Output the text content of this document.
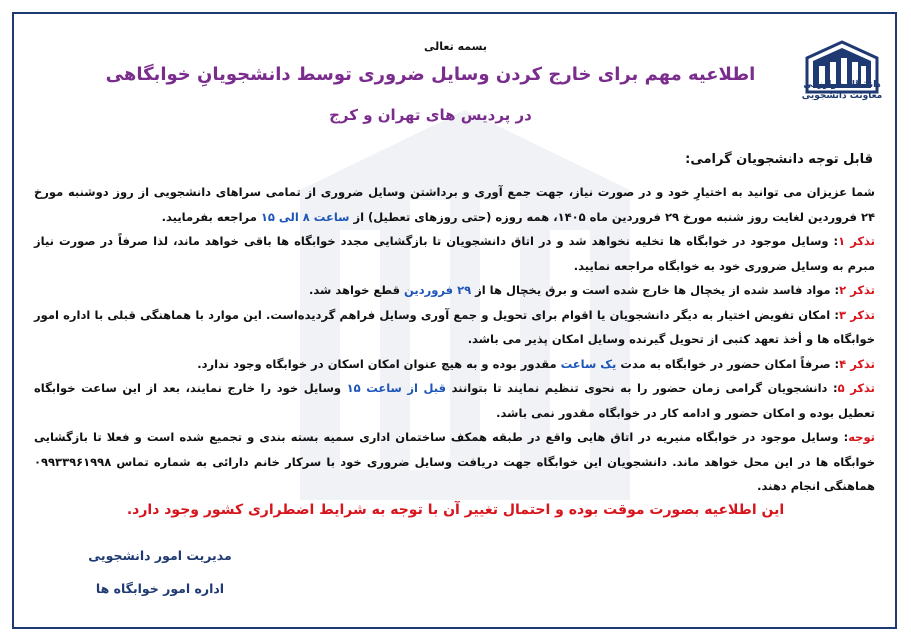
دانشگاه خوارزمی
معاونت دانشجویی
بسمه تعالی
اطلاعیه مهم برای خارج کردن وسایل ضروری توسط دانشجویانِ خوابگاهی
در پردیس های تهران و کرج
قابل توجه دانشجویان گرامی:

شما عزیزان می توانید به اختیارِ خود و در صورت نیاز، جهت جمع آوری و برداشتن وسایل ضروری از تمامی سراهای دانشجویی از روز دوشنبه مورخ ۲۴ فروردین لغایت روز شنبه مورخ ۲۹ فروردین ماه ۱۴۰۵، همه روزه (حتی روزهای تعطیل) از ساعت ۸ الی ۱۵ مراجعه بفرمایید.

تذکر ۱: وسایل موجود در خوابگاه ها تخلیه نخواهد شد و در اتاق دانشجویان تا بازگشایی مجدد خوابگاه ها باقی خواهد ماند، لذا صرفاً در صورت نیاز مبرم به وسایل ضروری خود به خوابگاه مراجعه نمایید.

تذکر ۲: مواد فاسد شده از یخچال ها خارج شده است و برق یخچال ها از ۲۹ فروردین قطع خواهد شد.

تذکر ۳: امکان تفویض اختیار به دیگر دانشجویان یا اقوام برای تحویل و جمع آوری وسایل فراهم گردیده‌است. این موارد با هماهنگی قبلی با اداره امور خوابگاه ها و أخذ تعهد کتبی از تحویل گیرنده وسایل امکان پذیر می باشد.

تذکر ۴: صرفاً امکان حضور در خوابگاه به مدت یک ساعت مقدور بوده و به هیچ عنوان امکان اسکان در خوابگاه وجود ندارد.

تذکر ۵: دانشجویان گرامی زمان حضور را به نحوی تنظیم نمایند تا بتوانند قبل از ساعت ۱۵ وسایل خود را خارج نمایند، بعد از این ساعت خوابگاه تعطیل بوده و امکان حضور و ادامه کار در خوابگاه مقدور نمی باشد.

توجه: وسایل موجود در خوابگاه منیریه در اتاق هایی واقع در طبقه همکف ساختمان اداری سمیه بسته بندی و تجمیع شده است و فعلا تا بازگشایی خوابگاه ها در این محل خواهد ماند. دانشجویان این خوابگاه جهت دریافت وسایل ضروری خود با سرکار خانم دارائی به شماره تماس ۰۹۹۳۳۹۶۱۹۹۸ هماهنگی انجام دهند.

این اطلاعیه بصورت موقت بوده و احتمال تغییر آن با توجه به شرایط اضطراری کشور وجود دارد.
مدیریت امور دانشجویی
اداره امور خوابگاه ها
